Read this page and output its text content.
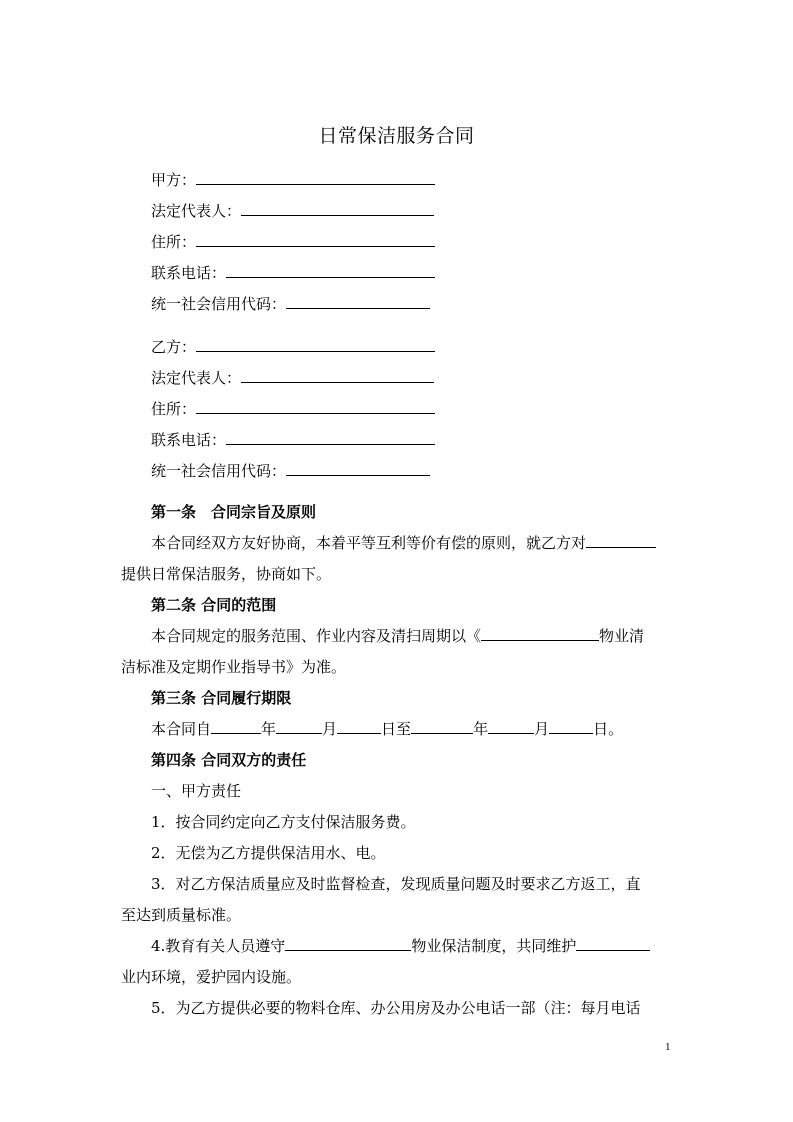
日常保洁服务合同
甲方：
法定代表人：
住所：
联系电话：
统一社会信用代码：
乙方：
法定代表人：
住所：
联系电话：
统一社会信用代码：
第一条　合同宗旨及原则
本合同经双方友好协商，本着平等互利等价有偿的原则，就乙方对
提供日常保洁服务，协商如下。
第二条 合同的范围
本合同规定的服务范围、作业内容及清扫周期以《	物业清
洁标准及定期作业指导书》为准。
第三条 合同履行期限
本合同自	年	月	日至	年	月	日。
第四条 合同双方的责任
一、甲方责任
1．按合同约定向乙方支付保洁服务费。
2．无偿为乙方提供保洁用水、电。
3．对乙方保洁质量应及时监督检查，发现质量问题及时要求乙方返工，直
至达到质量标准。
4.教育有关人员遵守	物业保洁制度，共同维护
业内环境，爱护园内设施。
5．为乙方提供必要的物料仓库、办公用房及办公电话一部（注：每月电话
1
